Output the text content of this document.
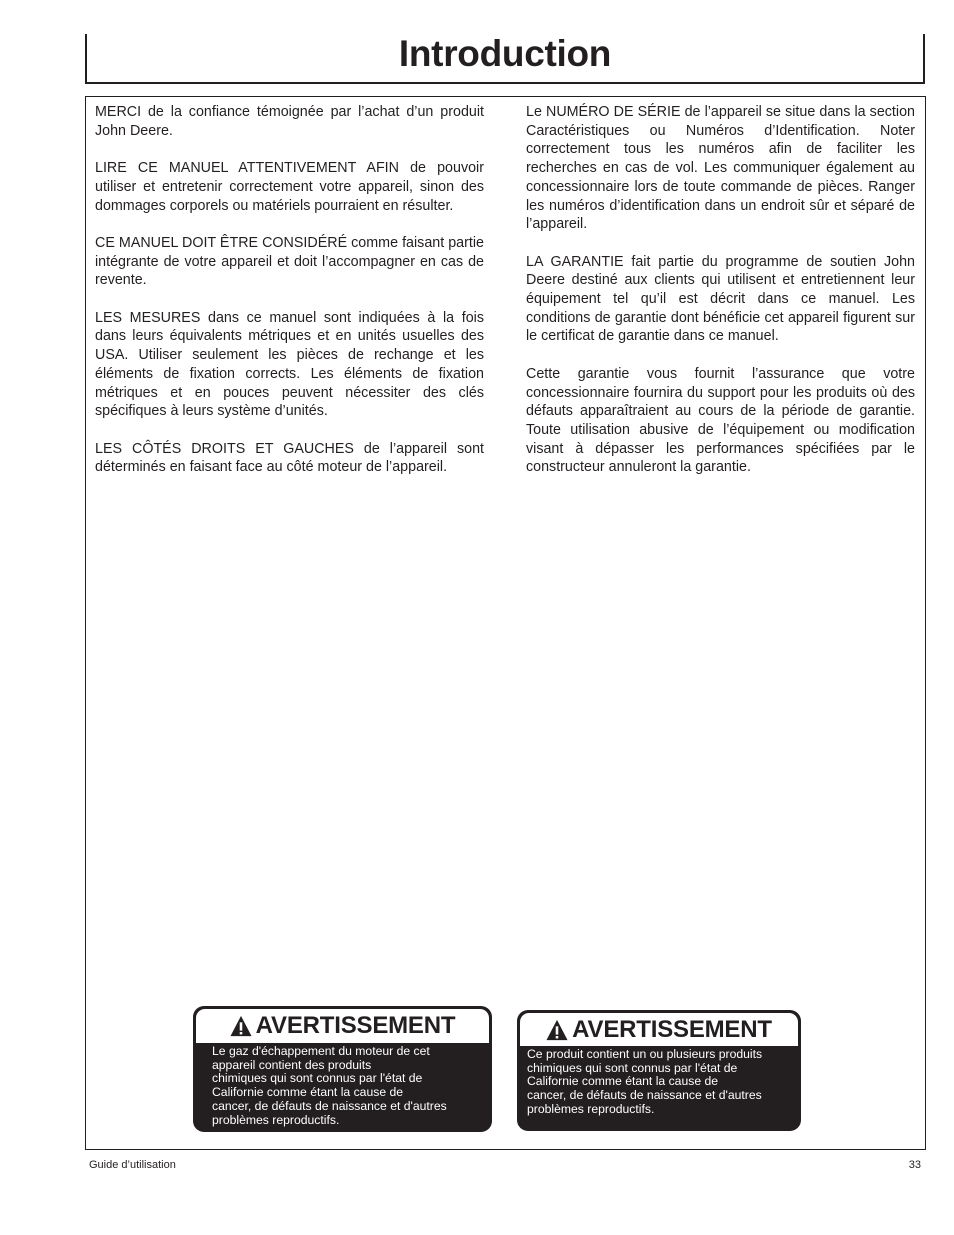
Introduction

MERCI de la confiance témoignée par l’achat d’un produit John Deere.

LIRE CE MANUEL ATTENTIVEMENT AFIN de pouvoir utiliser et entretenir correctement votre appareil, sinon des dommages corporels ou matériels pourraient en résulter.

CE MANUEL DOIT ÊTRE CONSIDÉRÉ comme faisant partie intégrante de votre appareil et doit l’accompagner en cas de revente.

LES MESURES dans ce manuel sont indiquées à la fois dans leurs équivalents métriques et en unités usuelles des USA. Utiliser seulement les pièces de rechange et les éléments de fixation corrects. Les éléments de fixation métriques et en pouces peuvent nécessiter des clés spécifiques à leurs système d’unités.

LES CÔTÉS DROITS ET GAUCHES de l’appareil sont déterminés en faisant face au côté moteur de l’appareil.

Le NUMÉRO DE SÉRIE de l’appareil se situe dans la section Caractéristiques ou Numéros d’Identification. Noter correctement tous les numéros afin de faciliter les recherches en cas de vol. Les communiquer également au concessionnaire lors de toute commande de pièces. Ranger les numéros d’identification dans un endroit sûr et séparé de l’appareil.

LA GARANTIE fait partie du programme de soutien John Deere destiné aux clients qui utilisent et entretiennent leur équipement tel qu’il est décrit dans ce manuel. Les conditions de garantie dont bénéficie cet appareil figurent sur le certificat de garantie dans ce manuel.

Cette garantie vous fournit l’assurance que votre concessionnaire fournira du support pour les produits où des défauts apparaîtraient au cours de la période de garantie. Toute utilisation abusive de l’équipement ou modification visant à dépasser les performances spécifiées par le constructeur annuleront la garantie.

AVERTISSEMENT
Le gaz d'échappement du moteur de cet
appareil contient des produits
chimiques qui sont connus par l'état de
Californie comme étant la cause de
cancer, de défauts de naissance et d'autres
problèmes reproductifs.
AVERTISSEMENT
Ce produit contient un ou plusieurs produits
chimiques qui sont connus par l'état de
Californie comme étant la cause de
cancer, de défauts de naissance et d'autres
problèmes reproductifs.
Guide d’utilisation	33
